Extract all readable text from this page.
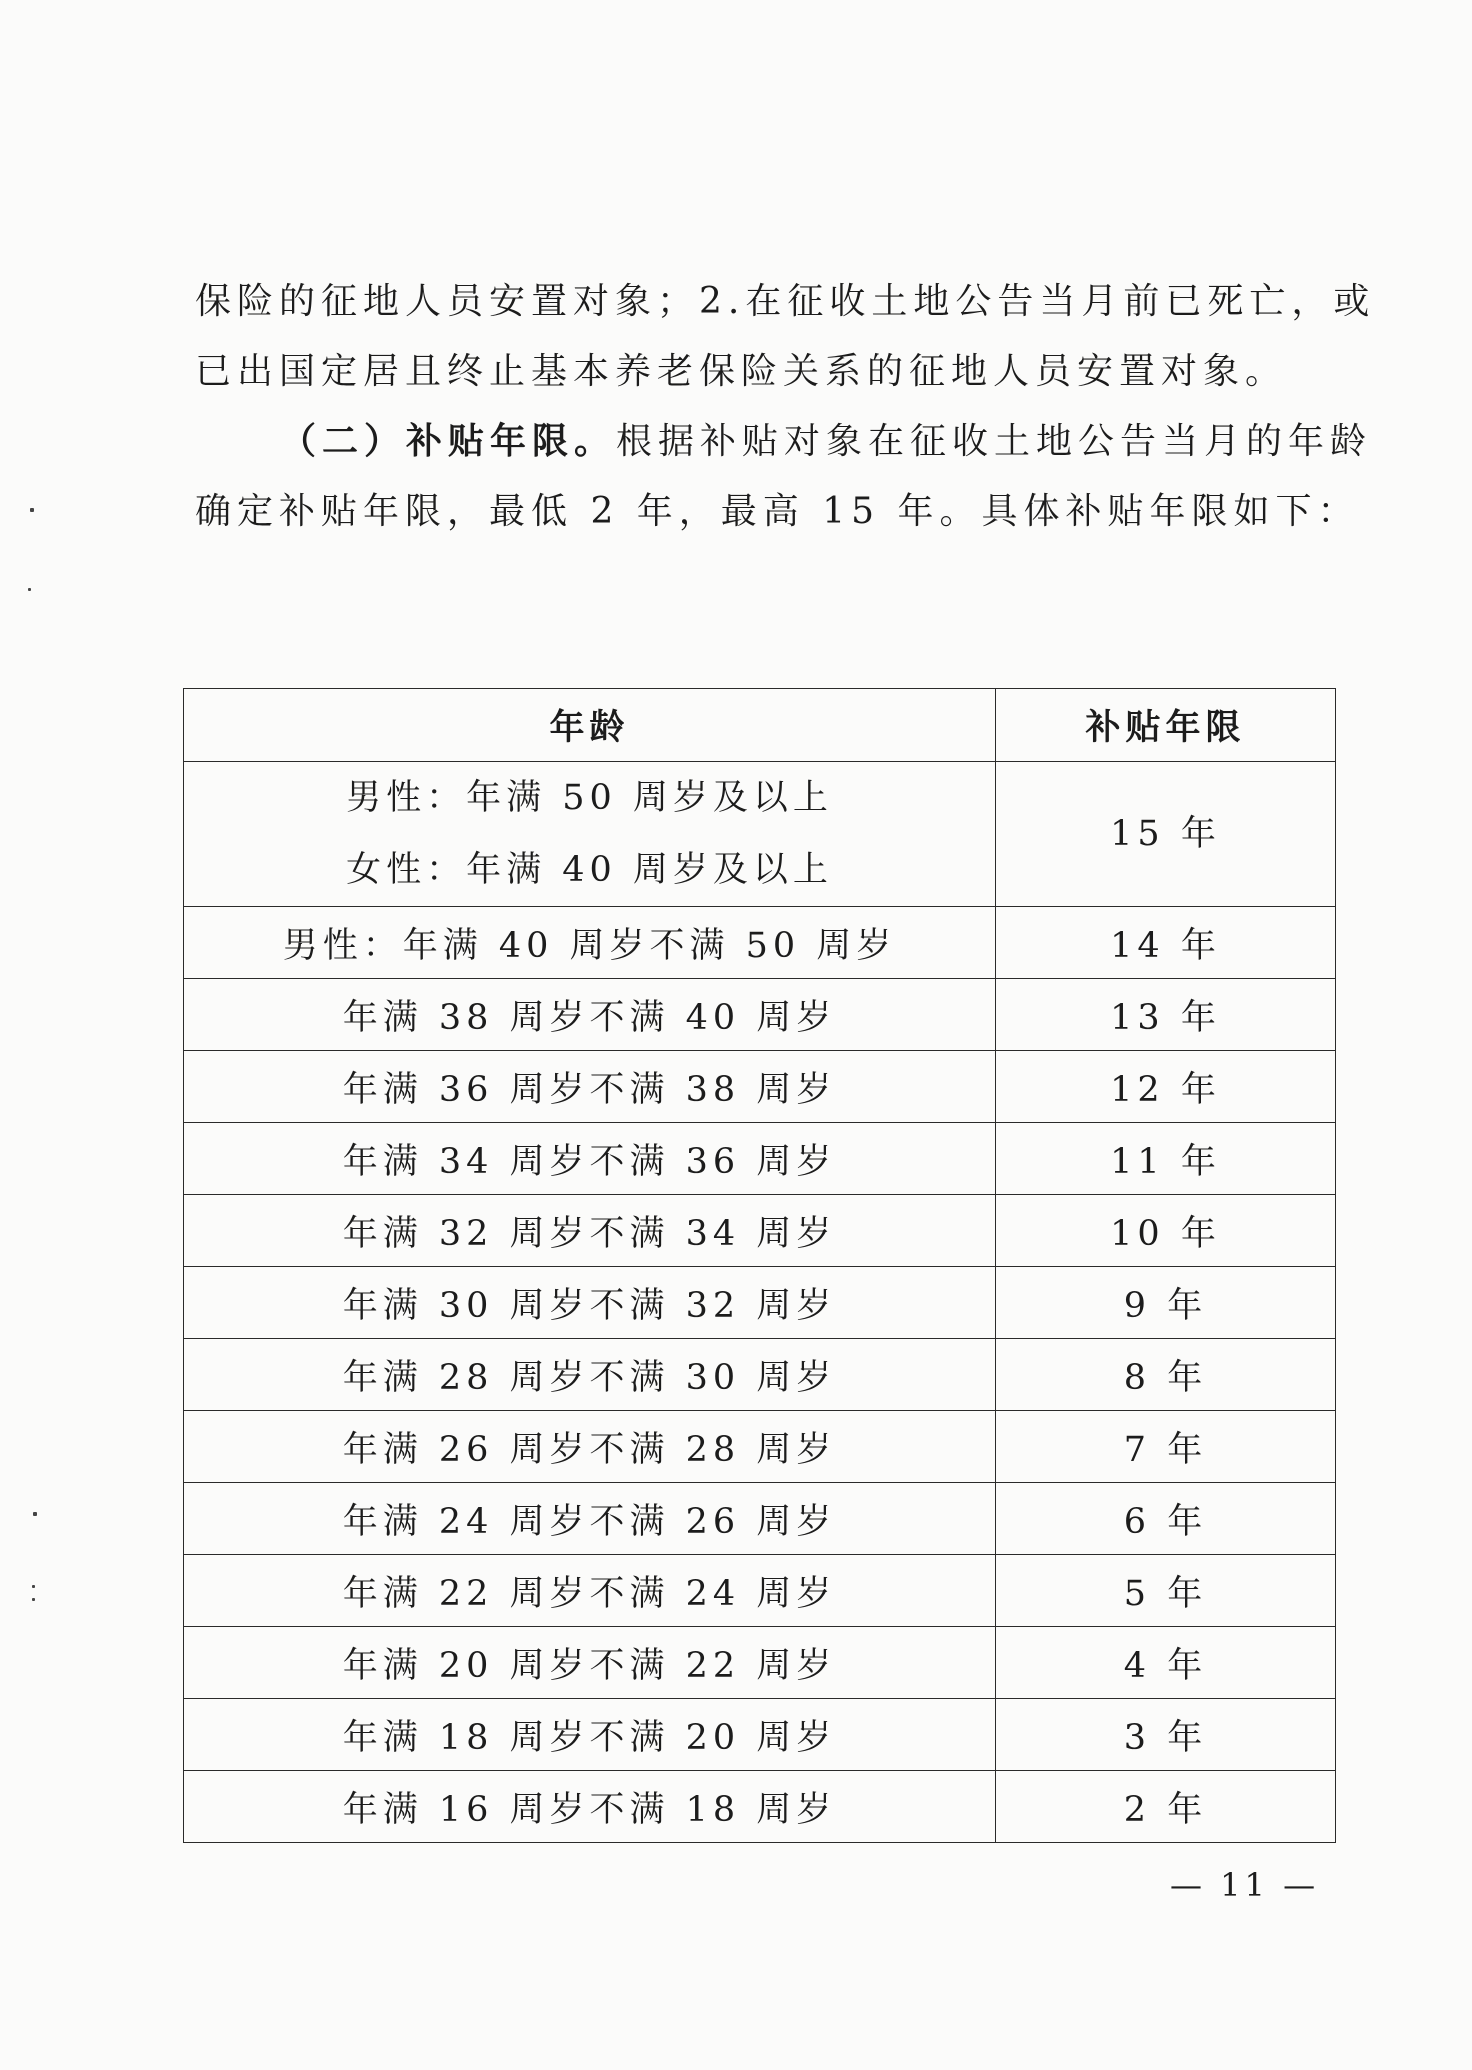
保险的征地人员安置对象；2.在征收土地公告当月前已死亡，或
已出国定居且终止基本养老保险关系的征地人员安置对象。
（二）补贴年限。根据补贴对象在征收土地公告当月的年龄
确定补贴年限，最低 2 年，最高 15 年。具体补贴年限如下：
年龄	补贴年限

男性：年满 50 周岁及以上
女性：年满 40 周岁及以上	15 年
男性：年满 40 周岁不满 50 周岁	14 年
年满 38 周岁不满 40 周岁	13 年
年满 36 周岁不满 38 周岁	12 年
年满 34 周岁不满 36 周岁	11 年
年满 32 周岁不满 34 周岁	10 年
年满 30 周岁不满 32 周岁	9 年
年满 28 周岁不满 30 周岁	8 年
年满 26 周岁不满 28 周岁	7 年
年满 24 周岁不满 26 周岁	6 年
年满 22 周岁不满 24 周岁	5 年
年满 20 周岁不满 22 周岁	4 年
年满 18 周岁不满 20 周岁	3 年
年满 16 周岁不满 18 周岁	2 年
— 11 —
